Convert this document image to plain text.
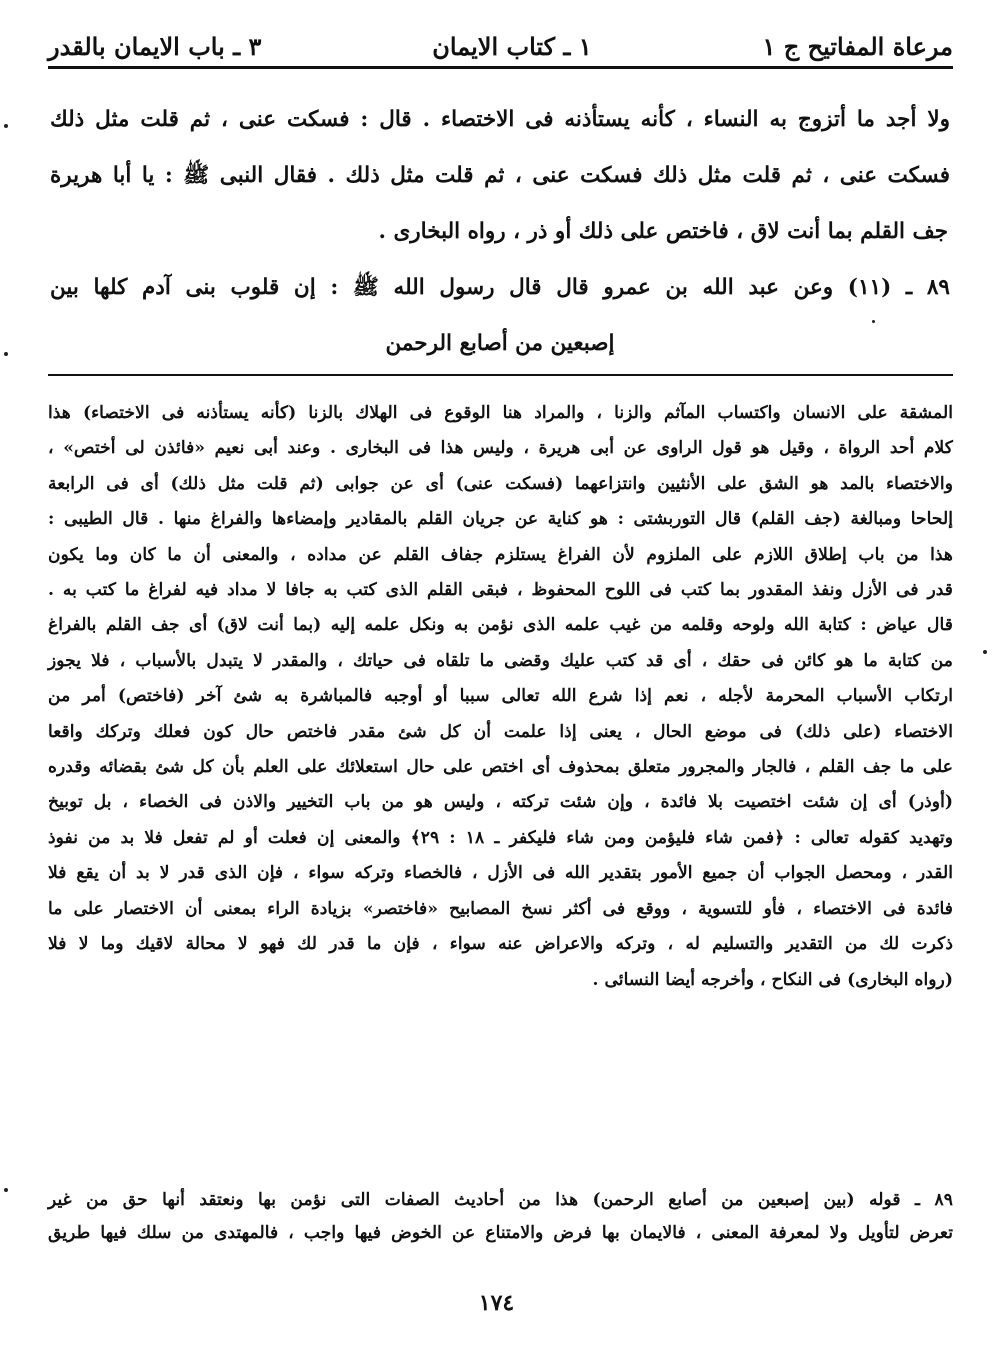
مرعاة المفاتيح ج ١
١ ـ كتاب الايمان
٣ ـ باب الايمان بالقدر

ولا أجد ما أتزوج به النساء ، كأنه يستأذنه فى الاختصاء . قال : فسكت عنى ، ثم قلت مثل ذلك

فسكت عنى ، ثم قلت مثل ذلك فسكت عنى ، ثم قلت مثل ذلك . فقال النبى ﷺ : يا أبا هريرة

جف القلم بما أنت لاق ، فاختص على ذلك أو ذر ، رواه البخارى .

٨٩ ـ (١١) وعن عبد الله بن عمرو قال قال رسول الله ﷺ : إن قلوب بنى آدم كلها بين

إصبعين من أصابع الرحمن

المشقة على الانسان واكتساب المآثم والزنا ، والمراد هنا الوقوع فى الهلاك بالزنا (كأنه يستأذنه فى الاختصاء) هذا

كلام أحد الرواة ، وقيل هو قول الراوى عن أبى هريرة ، وليس هذا فى البخارى . وعند أبى نعيم «فائذن لى أختص» ،

والاختصاء بالمد هو الشق على الأنثيين وانتزاعهما (فسكت عنى) أى عن جوابى (ثم قلت مثل ذلك) أى فى الرابعة

إلحاحا ومبالغة (جف القلم) قال التوربشتى : هو كناية عن جريان القلم بالمقادير وإمضاءها والفراغ منها . قال الطيبى :

هذا من باب إطلاق اللازم على الملزوم لأن الفراغ يستلزم جفاف القلم عن مداده ، والمعنى أن ما كان وما يكون

قدر فى الأزل ونفذ المقدور بما كتب فى اللوح المحفوظ ، فبقى القلم الذى كتب به جافا لا مداد فيه لفراغ ما كتب به .

قال عياض : كتابة الله ولوحه وقلمه من غيب علمه الذى نؤمن به ونكل علمه إليه (بما أنت لاق) أى جف القلم بالفراغ

من كتابة ما هو كائن فى حقك ، أى قد كتب عليك وقضى ما تلقاه فى حياتك ، والمقدر لا يتبدل بالأسباب ، فلا يجوز

ارتكاب الأسباب المحرمة لأجله ، نعم إذا شرع الله تعالى سببا أو أوجبه فالمباشرة به شئ آخر (فاختص) أمر من

الاختصاء (على ذلك) فى موضع الحال ، يعنى إذا علمت أن كل شئ مقدر فاختص حال كون فعلك وتركك واقعا

على ما جف القلم ، فالجار والمجرور متعلق بمحذوف أى اختص على حال استعلائك على العلم بأن كل شئ بقضائه وقدره

(أوذر) أى إن شئت اختصيت بلا فائدة ، وإن شئت تركته ، وليس هو من باب التخيير والاذن فى الخصاء ، بل توبيخ

وتهديد كقوله تعالى : ﴿فمن شاء فليؤمن ومن شاء فليكفر ـ ١٨ : ٢٩﴾ والمعنى إن فعلت أو لم تفعل فلا بد من نفوذ

القدر ، ومحصل الجواب أن جميع الأمور بتقدير الله فى الأزل ، فالخصاء وتركه سواء ، فإن الذى قدر لا بد أن يقع فلا

فائدة فى الاختصاء ، فأو للتسوية ، ووقع فى أكثر نسخ المصابيح «فاختصر» بزيادة الراء بمعنى أن الاختصار على ما

ذكرت لك من التقدير والتسليم له ، وتركه والاعراض عنه سواء ، فإن ما قدر لك فهو لا محالة لاقيك وما لا فلا

(رواه البخارى) فى النكاح ، وأخرجه أيضا النسائى .

٨٩ ـ قوله (بين إصبعين من أصابع الرحمن) هذا من أحاديث الصفات التى نؤمن بها ونعتقد أنها حق من غير

تعرض لتأويل ولا لمعرفة المعنى ، فالايمان بها فرض والامتناع عن الخوض فيها واجب ، فالمهتدى من سلك فيها طريق

١٧٤
